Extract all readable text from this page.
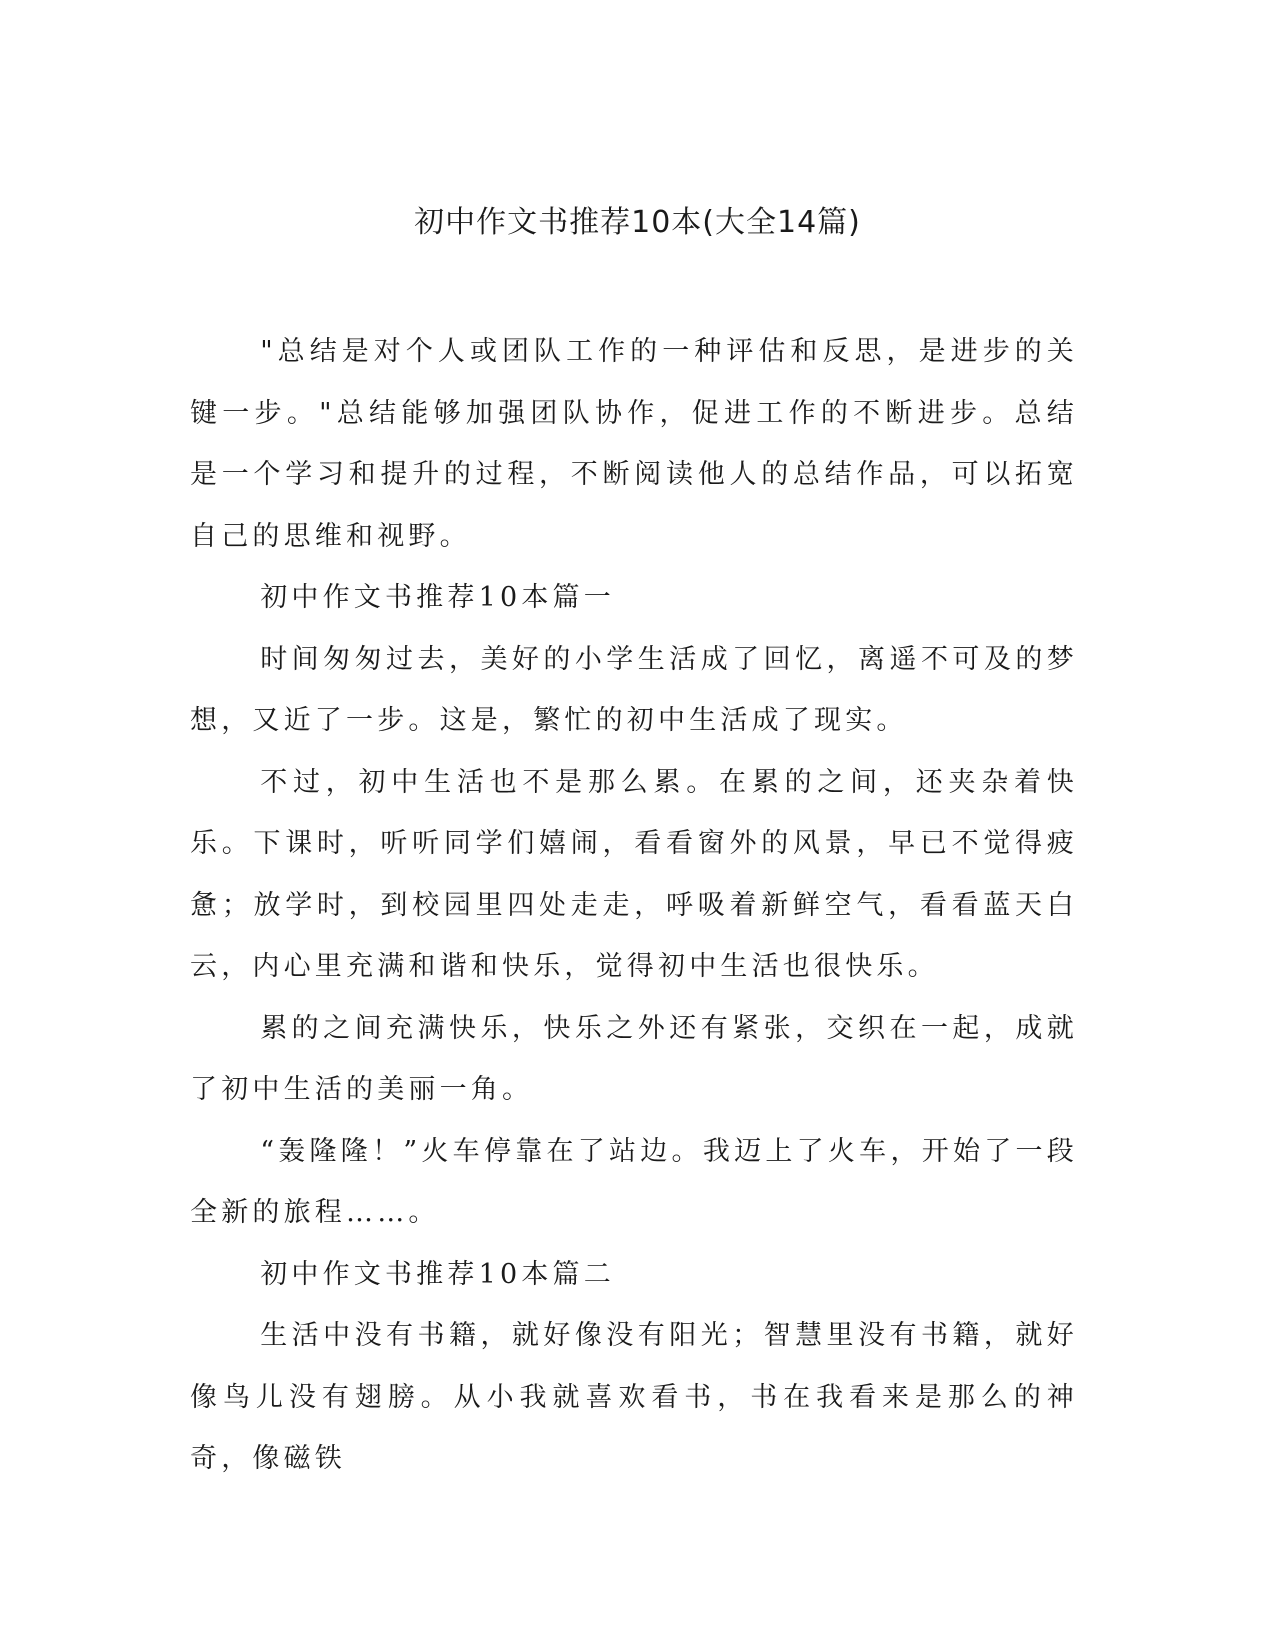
初中作文书推荐10本(大全14篇)

"总结是对个人或团队工作的一种评估和反思，是进步的关键一步。"总结能够加强团队协作，促进工作的不断进步。总结是一个学习和提升的过程，不断阅读他人的总结作品，可以拓宽自己的思维和视野。

初中作文书推荐10本篇一

时间匆匆过去，美好的小学生活成了回忆，离遥不可及的梦想，又近了一步。这是，繁忙的初中生活成了现实。

不过，初中生活也不是那么累。在累的之间，还夹杂着快乐。下课时，听听同学们嬉闹，看看窗外的风景，早已不觉得疲惫；放学时，到校园里四处走走，呼吸着新鲜空气，看看蓝天白云，内心里充满和谐和快乐，觉得初中生活也很快乐。

累的之间充满快乐，快乐之外还有紧张，交织在一起，成就了初中生活的美丽一角。

“轰隆隆！”火车停靠在了站边。我迈上了火车，开始了一段全新的旅程……。

初中作文书推荐10本篇二

生活中没有书籍，就好像没有阳光；智慧里没有书籍，就好像鸟儿没有翅膀。从小我就喜欢看书，书在我看来是那么的神奇，像磁铁
